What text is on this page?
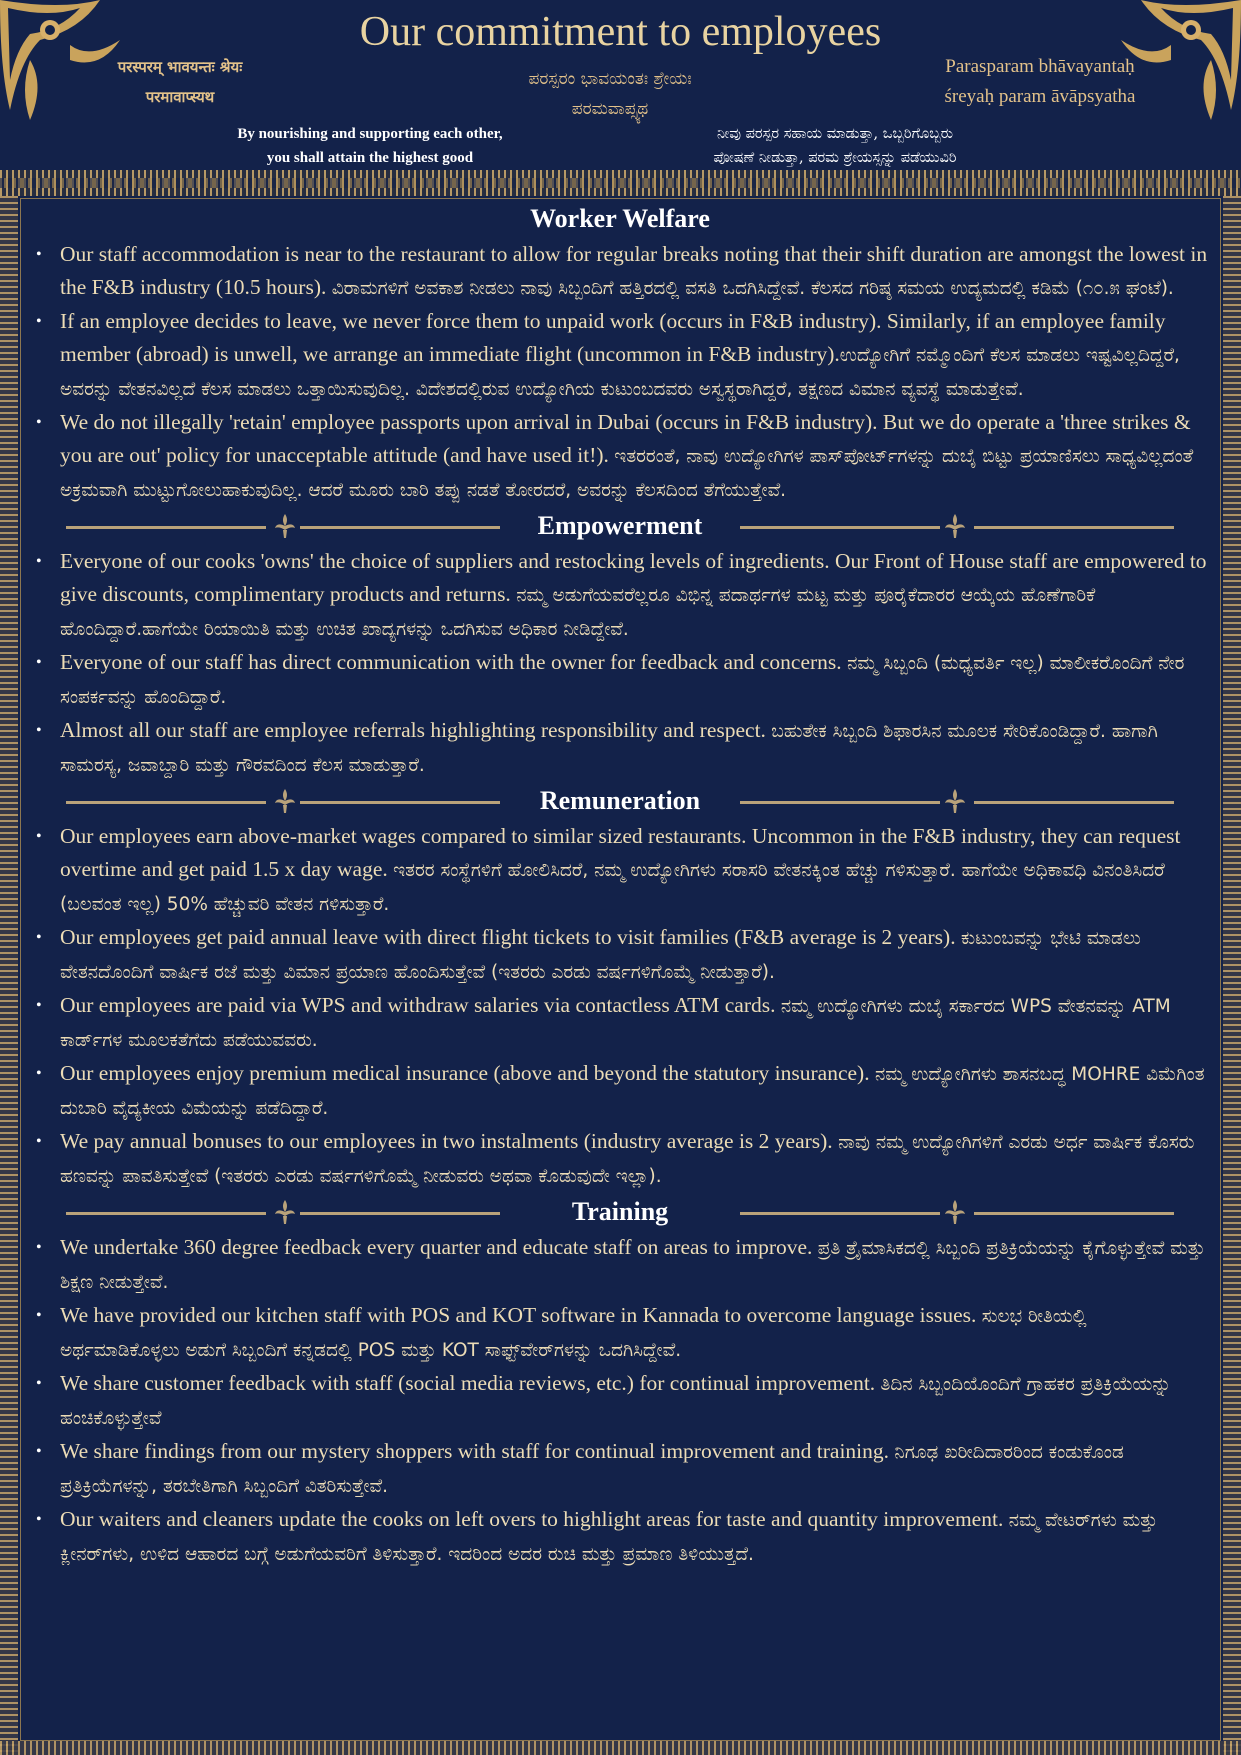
Our commitment to employees
परस्परम् भावयन्तः श्रेयः
परमावाप्स्यथ
ಪರಸ್ಪರಂ ಭಾವಯಂತಃ ಶ್ರೇಯಃ
ಪರಮವಾಪ್ಸ್ಯಥ
Parasparam bhāvayantaḥ
śreyaḥ param āvāpsyatha
By nourishing and supporting each other,
you shall attain the highest good
ನೀವು ಪರಸ್ಪರ ಸಹಾಯ ಮಾಡುತ್ತಾ, ಒಬ್ಬರಿಗೊಬ್ಬರು
ಪೋಷಣೆ ನೀಡುತ್ತಾ, ಪರಮ ಶ್ರೇಯಸ್ಸನ್ನು ಪಡೆಯುವಿರಿ
Worker Welfare
• Our staff accommodation is near to the restaurant to allow for regular breaks noting that their shift duration are amongst the lowest in the F&B industry (10.5 hours). ವಿರಾಮಗಳಿಗೆ ಅವಕಾಶ ನೀಡಲು ನಾವು ಸಿಬ್ಬಂದಿಗೆ ಹತ್ತಿರದಲ್ಲಿ ವಸತಿ ಒದಗಿಸಿದ್ದೇವೆ. ಕೆಲಸದ ಗರಿಷ್ಠ ಸಮಯ ಉದ್ಯಮದಲ್ಲಿ ಕಡಿಮೆ (೧೦.೫ ಘಂಟೆ).
• If an employee decides to leave, we never force them to unpaid work (occurs in F&B industry). Similarly, if an employee family member (abroad) is unwell, we arrange an immediate flight (uncommon in F&B industry).ಉದ್ಯೋಗಿಗೆ ನಮ್ಮೊಂದಿಗೆ ಕೆಲಸ ಮಾಡಲು ಇಷ್ಟವಿಲ್ಲದಿದ್ದರೆ, ಅವರನ್ನು ವೇತನವಿಲ್ಲದೆ ಕೆಲಸ ಮಾಡಲು ಒತ್ತಾಯಿಸುವುದಿಲ್ಲ. ವಿದೇಶದಲ್ಲಿರುವ ಉದ್ಯೋಗಿಯ ಕುಟುಂಬದವರು ಅಸ್ವಸ್ಥರಾಗಿದ್ದರೆ, ತಕ್ಷಣದ ವಿಮಾನ ವ್ಯವಸ್ಥೆ ಮಾಡುತ್ತೇವೆ.
• We do not illegally 'retain' employee passports upon arrival in Dubai (occurs in F&B industry). But we do operate a 'three strikes & you are out' policy for unacceptable attitude (and have used it!). ಇತರರಂತೆ, ನಾವು ಉದ್ಯೋಗಿಗಳ ಪಾಸ್‌ಪೋರ್ಟ್‌ಗಳನ್ನು ದುಬೈ ಬಿಟ್ಟು ಪ್ರಯಾಣಿಸಲು ಸಾಧ್ಯವಿಲ್ಲದಂತೆ ಅಕ್ರಮವಾಗಿ ಮುಟ್ಟುಗೋಲುಹಾಕುವುದಿಲ್ಲ. ಆದರೆ ಮೂರು ಬಾರಿ ತಪ್ಪು ನಡತೆ ತೋರದರೆ, ಅವರನ್ನು ಕೆಲಸದಿಂದ ತೆಗೆಯುತ್ತೇವೆ.
Empowerment
• Everyone of our cooks 'owns' the choice of suppliers and restocking levels of ingredients. Our Front of House staff are empowered to give discounts, complimentary products and returns. ನಮ್ಮ ಅಡುಗೆಯವರೆಲ್ಲರೂ ವಿಭಿನ್ನ ಪದಾರ್ಥಗಳ ಮಟ್ಟ ಮತ್ತು ಪೂರೈಕೆದಾರರ ಆಯ್ಕೆಯ ಹೊಣೆಗಾರಿಕೆ ಹೊಂದಿದ್ದಾರೆ.ಹಾಗೆಯೇ ರಿಯಾಯಿತಿ ಮತ್ತು ಉಚಿತ ಖಾದ್ಯಗಳನ್ನು ಒದಗಿಸುವ ಅಧಿಕಾರ ನೀಡಿದ್ದೇವೆ.
• Everyone of our staff has direct communication with the owner for feedback and concerns. ನಮ್ಮ ಸಿಬ್ಬಂದಿ (ಮಧ್ಯವರ್ತಿ ಇಲ್ಲ) ಮಾಲೀಕರೊಂದಿಗೆ ನೇರ ಸಂಪರ್ಕವನ್ನು ಹೊಂದಿದ್ದಾರೆ.
• Almost all our staff are employee referrals highlighting responsibility and respect. ಬಹುತೇಕ ಸಿಬ್ಬಂದಿ ಶಿಫಾರಸಿನ ಮೂಲಕ ಸೇರಿಕೊಂಡಿದ್ದಾರೆ. ಹಾಗಾಗಿ ಸಾಮರಸ್ಯ, ಜವಾಬ್ದಾರಿ ಮತ್ತು ಗೌರವದಿಂದ ಕೆಲಸ ಮಾಡುತ್ತಾರೆ.
Remuneration
• Our employees earn above-market wages compared to similar sized restaurants. Uncommon in the F&B industry, they can request overtime and get paid 1.5 x day wage. ಇತರರ ಸಂಸ್ಥೆಗಳಿಗೆ ಹೋಲಿಸಿದರೆ, ನಮ್ಮ ಉದ್ಯೋಗಿಗಳು ಸರಾಸರಿ ವೇತನಕ್ಕಿಂತ ಹೆಚ್ಚು ಗಳಿಸುತ್ತಾರೆ. ಹಾಗೆಯೇ ಅಧಿಕಾವಧಿ ವಿನಂತಿಸಿದರೆ (ಬಲವಂತ ಇಲ್ಲ) 50% ಹೆಚ್ಚುವರಿ ವೇತನ ಗಳಿಸುತ್ತಾರೆ.
• Our employees get paid annual leave with direct flight tickets to visit families (F&B average is 2 years). ಕುಟುಂಬವನ್ನು ಭೇಟಿ ಮಾಡಲು ವೇತನದೊಂದಿಗೆ ವಾರ್ಷಿಕ ರಜೆ ಮತ್ತು ವಿಮಾನ ಪ್ರಯಾಣ ಹೊಂದಿಸುತ್ತೇವೆ (ಇತರರು ಎರಡು ವರ್ಷಗಳಿಗೊಮ್ಮೆ ನೀಡುತ್ತಾರೆ).
• Our employees are paid via WPS and withdraw salaries via contactless ATM cards. ನಮ್ಮ ಉದ್ಯೋಗಿಗಳು ದುಬೈ ಸರ್ಕಾರದ WPS ವೇತನವನ್ನು ATM ಕಾರ್ಡ್‌ಗಳ ಮೂಲಕತೆಗೆದು ಪಡೆಯುವವರು.
• Our employees enjoy premium medical insurance (above and beyond the statutory insurance). ನಮ್ಮ ಉದ್ಯೋಗಿಗಳು ಶಾಸನಬದ್ಧ MOHRE ವಿಮೆಗಿಂತ ದುಬಾರಿ ವೈದ್ಯಕೀಯ ವಿಮೆಯನ್ನು ಪಡೆದಿದ್ದಾರೆ.
• We pay annual bonuses to our employees in two instalments (industry average is 2 years). ನಾವು ನಮ್ಮ ಉದ್ಯೋಗಿಗಳಿಗೆ ಎರಡು ಅರ್ಧ ವಾರ್ಷಿಕ ಕೊಸರು ಹಣವನ್ನು ಪಾವತಿಸುತ್ತೇವೆ (ಇತರರು ಎರಡು ವರ್ಷಗಳಿಗೊಮ್ಮೆ ನೀಡುವರು ಅಥವಾ ಕೊಡುವುದೇ ಇಲ್ಲಾ).
Training
• We undertake 360 degree feedback every quarter and educate staff on areas to improve. ಪ್ರತಿ ತ್ರೈಮಾಸಿಕದಲ್ಲಿ ಸಿಬ್ಬಂದಿ ಪ್ರತಿಕ್ರಿಯೆಯನ್ನು ಕೈಗೊಳ್ಳುತ್ತೇವೆ ಮತ್ತು ಶಿಕ್ಷಣ ನೀಡುತ್ತೇವೆ.
• We have provided our kitchen staff with POS and KOT software in Kannada to overcome language issues. ಸುಲಭ ರೀತಿಯಲ್ಲಿ ಅರ್ಥಮಾಡಿಕೊಳ್ಳಲು ಅಡುಗೆ ಸಿಬ್ಬಂದಿಗೆ ಕನ್ನಡದಲ್ಲಿ POS ಮತ್ತು KOT ಸಾಫ್ಟ್‌ವೇರ್‌ಗಳನ್ನು ಒದಗಿಸಿದ್ದೇವೆ.
• We share customer feedback with staff (social media reviews, etc.) for continual improvement. ತಿದಿನ ಸಿಬ್ಬಂದಿಯೊಂದಿಗೆ ಗ್ರಾಹಕರ ಪ್ರತಿಕ್ರಿಯೆಯನ್ನು ಹಂಚಿಕೊಳ್ಳುತ್ತೇವೆ
• We share findings from our mystery shoppers with staff for continual improvement and training. ನಿಗೂಢ ಖರೀದಿದಾರರಿಂದ ಕಂಡುಕೊಂಡ ಪ್ರತಿಕ್ರಿಯೆಗಳನ್ನು, ತರಬೇತಿಗಾಗಿ ಸಿಬ್ಬಂದಿಗೆ ವಿತರಿಸುತ್ತೇವೆ.
• Our waiters and cleaners update the cooks on left overs to highlight areas for taste and quantity improvement. ನಮ್ಮ ವೇಟರ್‌ಗಳು ಮತ್ತು ಕ್ಲೀನರ್‌ಗಳು, ಉಳಿದ ಆಹಾರದ ಬಗ್ಗೆ ಅಡುಗೆಯವರಿಗೆ ತಿಳಿಸುತ್ತಾರೆ. ಇದರಿಂದ ಅದರ ರುಚಿ ಮತ್ತು ಪ್ರಮಾಣ ತಿಳಿಯುತ್ತದೆ.
